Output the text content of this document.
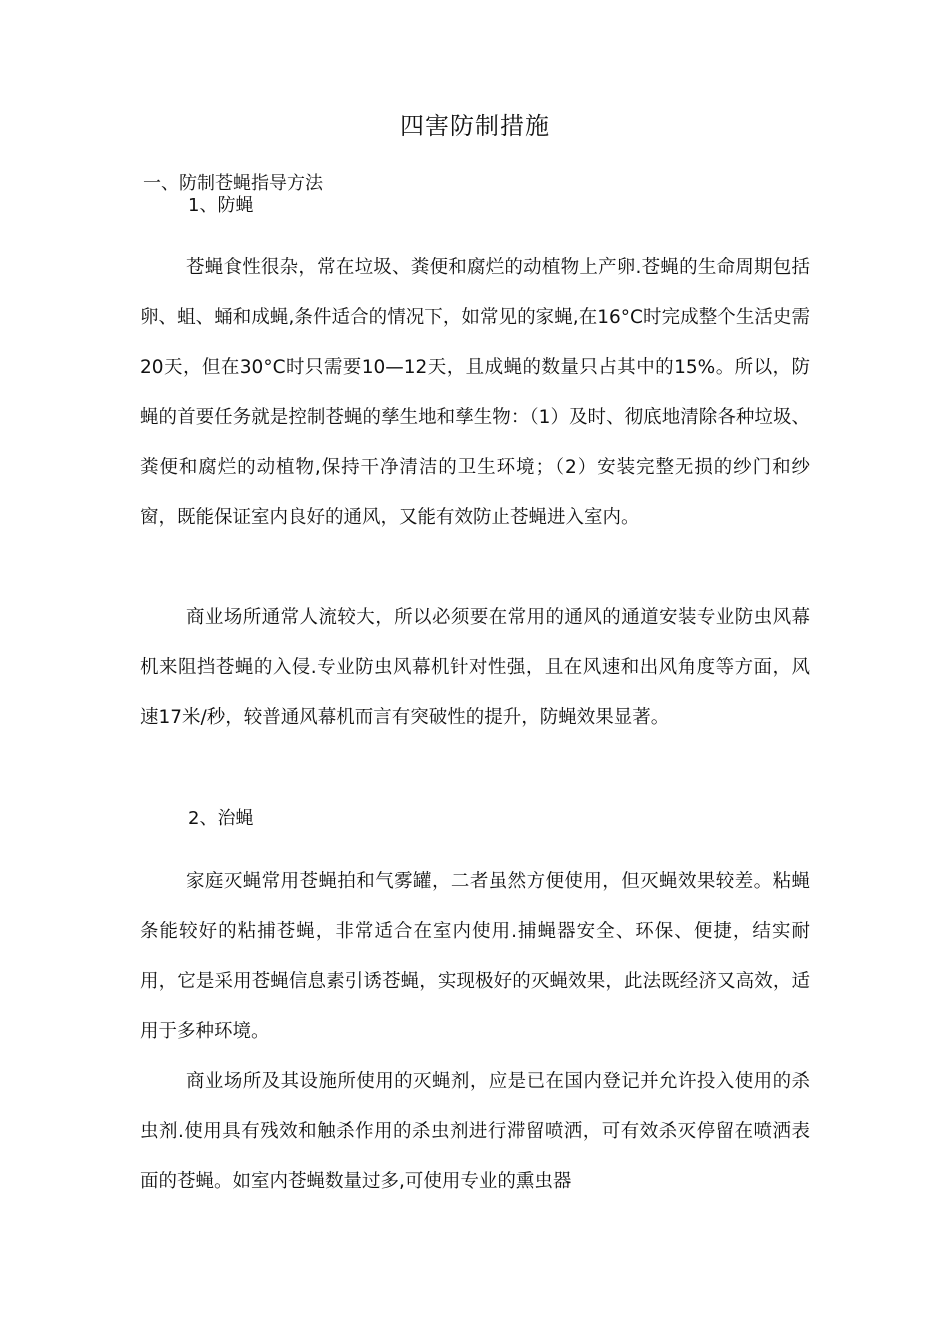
四害防制措施
一、防制苍蝇指导方法
1、防蝇

苍蝇食性很杂，常在垃圾、粪便和腐烂的动植物上产卵.苍蝇的生命周期包括卵、蛆、蛹和成蝇,条件适合的情况下，如常见的家蝇,在16°C时完成整个生活史需20天，但在30°C时只需要10—12天，且成蝇的数量只占其中的15%。所以，防蝇的首要任务就是控制苍蝇的孳生地和孳生物：（1）及时、彻底地清除各种垃圾、粪便和腐烂的动植物,保持干净清洁的卫生环境；（2）安装完整无损的纱门和纱窗，既能保证室内良好的通风，又能有效防止苍蝇进入室内。

商业场所通常人流较大，所以必须要在常用的通风的通道安装专业防虫风幕机来阻挡苍蝇的入侵.专业防虫风幕机针对性强，且在风速和出风角度等方面，风速17米/秒，较普通风幕机而言有突破性的提升，防蝇效果显著。

2、治蝇

家庭灭蝇常用苍蝇拍和气雾罐，二者虽然方便使用，但灭蝇效果较差。粘蝇条能较好的粘捕苍蝇，非常适合在室内使用.捕蝇器安全、环保、便捷，结实耐用，它是采用苍蝇信息素引诱苍蝇，实现极好的灭蝇效果，此法既经济又高效，适用于多种环境。

商业场所及其设施所使用的灭蝇剂，应是已在国内登记并允许投入使用的杀虫剂.使用具有残效和触杀作用的杀虫剂进行滞留喷洒，可有效杀灭停留在喷洒表面的苍蝇。如室内苍蝇数量过多,可使用专业的熏虫器
